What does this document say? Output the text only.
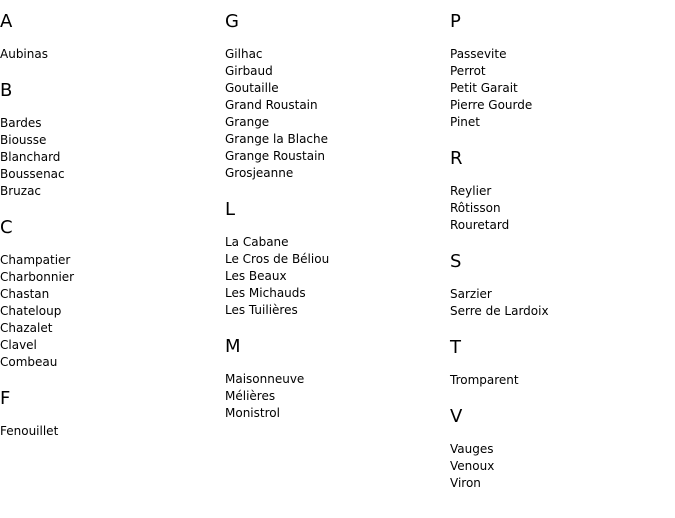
A
Aubinas
B
Bardes
Biousse
Blanchard
Boussenac
Bruzac
C
Champatier
Charbonnier
Chastan
Chateloup
Chazalet
Clavel
Combeau
F
Fenouillet
G
Gilhac
Girbaud
Goutaille
Grand Roustain
Grange
Grange la Blache
Grange Roustain
Grosjeanne
L
La Cabane
Le Cros de Béliou
Les Beaux
Les Michauds
Les Tuilières
M
Maisonneuve
Mélières
Monistrol
P
Passevite
Perrot
Petit Garait
Pierre Gourde
Pinet
R
Reylier
Rôtisson
Rouretard
S
Sarzier
Serre de Lardoix
T
Tromparent
V
Vauges
Venoux
Viron
